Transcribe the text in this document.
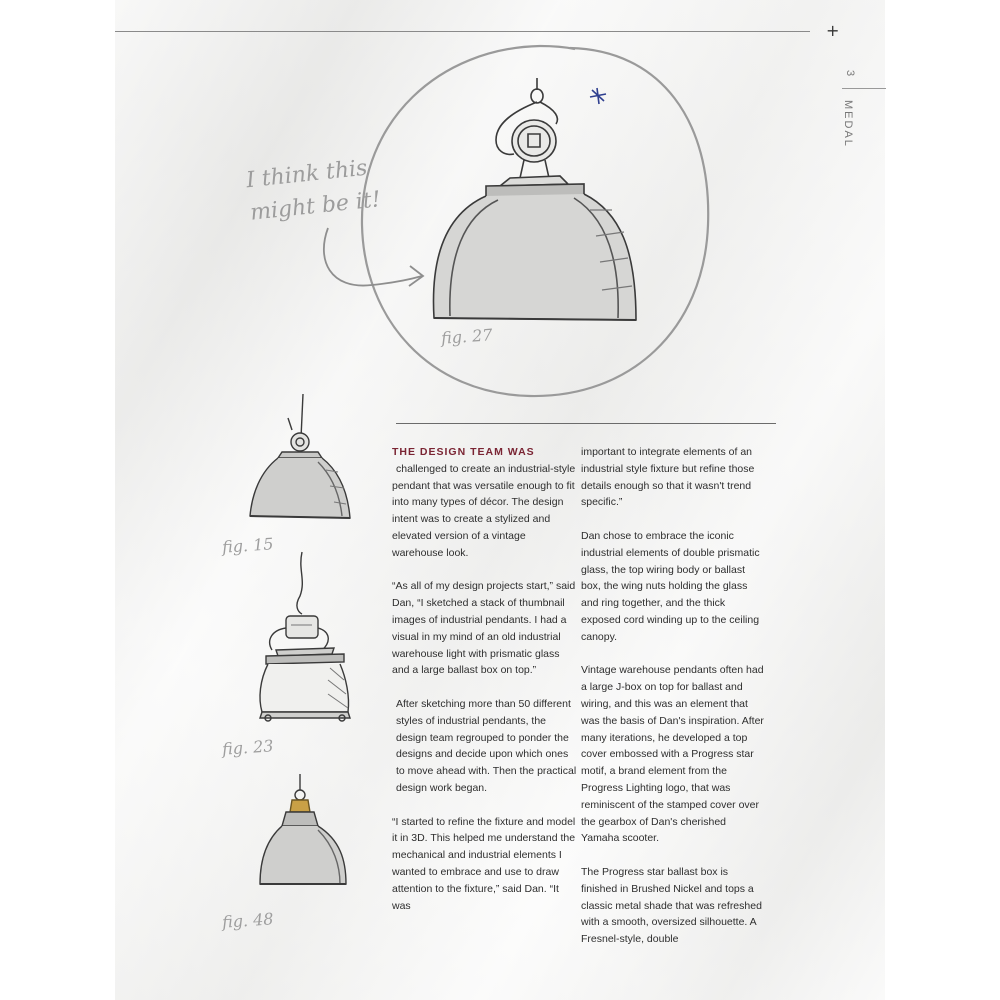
+
3
MEDAL
I think this
might be it!
fig. 27
fig. 15
fig. 23
fig. 48

THE DESIGN TEAM WAS
challenged to create an industrial-style pendant that was versatile enough to fit into many types of décor. The design intent was to create a stylized and elevated version of a vintage warehouse look.

“As all of my design projects start,” said Dan, “I sketched a stack of thumbnail images of industrial pendants. I had a visual in my mind of an old industrial warehouse light with prismatic glass and a large ballast box on top.”

After sketching more than 50 different styles of industrial pendants, the design team regrouped to ponder the designs and decide upon which ones to move ahead with. Then the practical design work began.

“I started to refine the fixture and model it in 3D. This helped me understand the mechanical and industrial elements I wanted to embrace and use to draw attention to the fixture,” said Dan. “It was

important to integrate elements of an industrial style fixture but refine those details enough so that it wasn't trend specific.”

Dan chose to embrace the iconic industrial elements of double prismatic glass, the top wiring body or ballast box, the wing nuts holding the glass and ring together, and the thick exposed cord winding up to the ceiling canopy.

Vintage warehouse pendants often had a large J-box on top for ballast and wiring, and this was an element that was the basis of Dan's inspiration. After many iterations, he developed a top cover embossed with a Progress star motif, a brand element from the Progress Lighting logo, that was reminiscent of the stamped cover over the gearbox of Dan's cherished Yamaha scooter.

The Progress star ballast box is finished in Brushed Nickel and tops a classic metal shade that was refreshed with a smooth, oversized silhouette. A Fresnel-style, double
